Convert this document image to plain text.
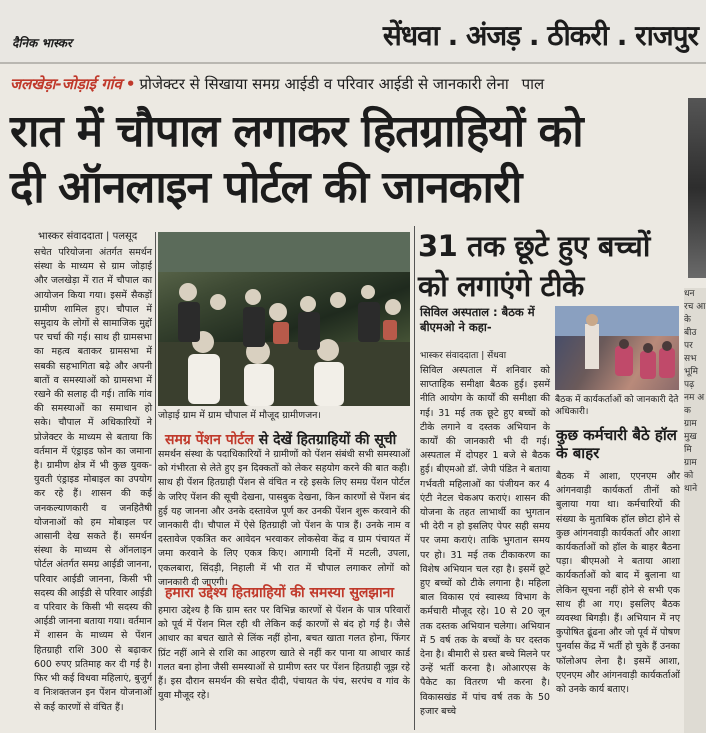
दैनिक भास्कर	सेंधवा . अंजड़ . ठीकरी . राजपुर
जलखेड़ा-जोड़ाई गांव • प्रोजेक्टर से सिखाया समग्र आईडी व परिवार आईडी से जानकारी लेना पाल
रात में चौपाल लगाकर हितग्राहियों को
दी ऑनलाइन पोर्टल की जानकारी
भास्कर संवाददाता | पलसूद
सचेत परियोजना अंतर्गत समर्थन संस्था के माध्यम से ग्राम जोड़ाई और जलखेड़ा में रात में चौपाल का आयोजन किया गया। इसमें सैकड़ों ग्रामीण शामिल हुए। चौपाल में समुदाय के लोगों से सामाजिक मुद्दों पर चर्चा की गई। साथ ही ग्रामसभा का महत्व बताकर ग्रामसभा में सबकी सहभागिता बढ़े और अपनी बातों व समस्याओं को ग्रामसभा में रखने की सलाह दी गई। ताकि गांव की समस्याओं का समाधान हो सके। चौपाल में अधिकारियों ने प्रोजेक्टर के माध्यम से बताया कि वर्तमान में एंड्राइड फोन का जमाना है। ग्रामीण क्षेत्र में भी कुछ युवक-युवती एंड्राइड मोबाइल का उपयोग कर रहे हैं। शासन की कई जनकल्याणकारी व जनहितैषी योजनाओं को हम मोबाइल पर आसानी देख सकते हैं। समर्थन संस्था के माध्यम से ऑनलाइन पोर्टल अंतर्गत समग्र आईडी जानना, परिवार आईडी जानना, किसी भी सदस्य की आईडी से परिवार आईडी व परिवार के किसी भी सदस्य की आईडी जानना बताया गया। वर्तमान में शासन के माध्यम से पेंशन हितग्राही राशि 300 से बढ़ाकर 600 रुपए प्रतिमाह कर दी गई है। फिर भी कई विधवा महिलाएं, बुजुर्ग व निःशक्तजन इन पेंशन योजनाओं से कई कारणों से वंचित हैं।
जोड़ाई ग्राम में ग्राम चौपाल में मौजूद ग्रामीणजन।
समग्र पेंशन पोर्टल से देखें हितग्राहियों की सूची
समर्थन संस्था के पदाधिकारियों ने ग्रामीणों को पेंशन संबंधी सभी समस्याओं को गंभीरता से लेते हुए इन दिक्कतों को लेकर सहयोग करने की बात कही। साथ ही पेंशन हितग्राही पेंशन से वंचित न रहे इसके लिए समग्र पेंशन पोर्टल के जरिए पेंशन की सूची देखना, पासबुक देखना, किन कारणों से पेंशन बंद हुई यह जानना और उनके दस्तावेज पूर्ण कर उनकी पेंशन शुरू करवाने की जानकारी दी। चौपाल में ऐसे हितग्राही जो पेंशन के पात्र हैं। उनके नाम व दस्तावेज एकत्रित कर आवेदन भरवाकर लोकसेवा केंद्र व ग्राम पंचायत में जमा करवाने के लिए एकत्र किए। आगामी दिनों में मटली, उपला, एकलबारा, सिंदड़ी, निहाली में भी रात में चौपाल लगाकर लोगों को जानकारी दी जाएगी।
हमारा उद्देश्य हितग्राहियों की समस्या सुलझाना
हमारा उद्देश्य है कि ग्राम स्तर पर विभिन्न कारणों से पेंशन के पात्र परिवारों को पूर्व में पेंशन मिल रही थी लेकिन कई कारणों से बंद हो गई है। जैसे आधार का बचत खाते से लिंक नहीं होना, बचत खाता गलत होना, फिंगर प्रिंट नहीं आने से राशि का आहरण खाते से नहीं कर पाना या आधार कार्ड गलत बना होना जैसी समस्याओं से ग्रामीण स्तर पर पेंशन हितग्राही जूझ रहे हैं। इस दौरान समर्थन की सचेत दीदी, पंचायत के पंच, सरपंच व गांव के युवा मौजूद रहे।
31 तक छूटे हुए बच्चों
को लगाएंगे टीके
सिविल अस्पताल : बैठक में बीएमओ ने कहा-
भास्कर संवाददाता | सेंधवा
सिविल अस्पताल में शनिवार को साप्ताहिक समीक्षा बैठक हुई। इसमें नीति आयोग के कार्यों की समीक्षा की गई। 31 मई तक छूटे हुए बच्चों को टीके लगाने व दस्तक अभियान के कार्यों की जानकारी भी दी गई। अस्पताल में दोपहर 1 बजे से बैठक हुई। बीएमओ डॉ. जेपी पंडित ने बताया गर्भवती महिलाओं का पंजीयन कर 4 एंटी नेटल चेकअप कराएं। शासन की योजना के तहत लाभार्थी का भुगतान भी देरी न हो इसलिए पेपर सही समय पर जमा कराएं। ताकि भुगतान समय पर हो। 31 मई तक टीकाकरण का विशेष अभियान चल रहा है। इसमें छूटे हुए बच्चों को टीके लगाना है। महिला बाल विकास एवं स्वास्थ्य विभाग के कर्मचारी मौजूद रहे। 10 से 20 जून तक दस्तक अभियान चलेगा। अभियान में 5 वर्ष तक के बच्चों के घर दस्तक देना है। बीमारी से ग्रस्त बच्चे मिलने पर उन्हें भर्ती करना है। ओआरएस के पैकेट का वितरण भी करना है। विकासखंड में पांच वर्ष तक के 50 हजार बच्चे
बैठक में कार्यकर्ताओं को जानकारी देते अधिकारी।
कुछ कर्मचारी बैठे हॉल के बाहर
बैठक में आशा, एएनएम और आंगनवाड़ी कार्यकर्ता तीनों को बुलाया गया था। कर्मचारियों की संख्या के मुताबिक हॉल छोटा होने से कुछ आंगनवाड़ी कार्यकर्ता और आशा कार्यकर्ताओं को हॉल के बाहर बैठना पड़ा। बीएमओ ने बताया आशा कार्यकर्ताओं को बाद में बुलाना था लेकिन सूचना नहीं होने से सभी एक साथ ही आ गए। इसलिए बैठक व्यवस्था बिगड़ी। हैं। अभियान में नए कुपोषित ढूंढना और जो पूर्व में पोषण पुनर्वास केंद्र में भर्ती हो चुके हैं उनका फॉलोअप लेना है। इसमें आशा, एएनएम और आंगनवाड़ी कार्यकर्ताओं को उनके कार्य बताए।
धन रच आ के बीउ पर सभ भूमि पढ़ नम अ क ग्राम मुख मि ग्राम को थाने
